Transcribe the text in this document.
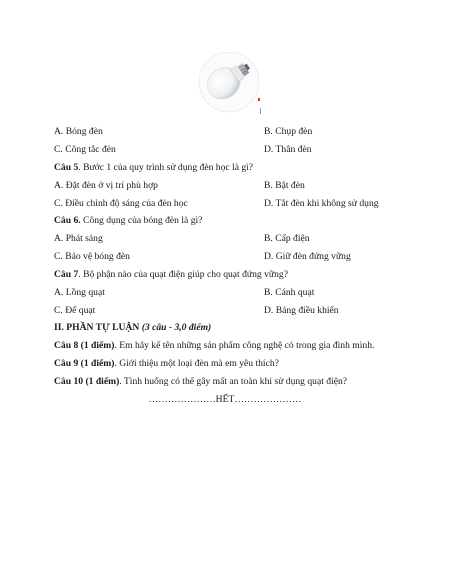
A. Bóng đèn	B. Chụp đèn
C. Công tắc đèn	D. Thân đèn
Câu 5. Bước 1 của quy trình sử dụng đèn học là gì?
A. Đặt đèn ở vị trí phù hợp	B. Bật đèn
C. Điều chỉnh độ sáng của đèn học	D. Tắt đèn khi không sử dụng
Câu 6. Công dụng của bóng đèn là gì?
A. Phát sáng	B. Cấp điện
C. Bảo vệ bóng đèn	D. Giữ đèn đứng vững
Câu 7. Bộ phận nào của quạt điện giúp cho quạt đứng vững?
A. Lồng quạt	B. Cánh quạt
C. Đế quạt	D. Bảng điều khiển
II. PHẦN TỰ LUẬN (3 câu - 3,0 điểm)
Câu 8 (1 điểm). Em hãy kể tên những sản phẩm công nghệ có trong gia đình mình.
Câu 9 (1 điểm). Giới thiệu một loại đèn mà em yêu thích?
Câu 10 (1 điểm). Tình huống có thể gây mất an toàn khi sử dụng quạt điện?
…………………HẾT…………………
